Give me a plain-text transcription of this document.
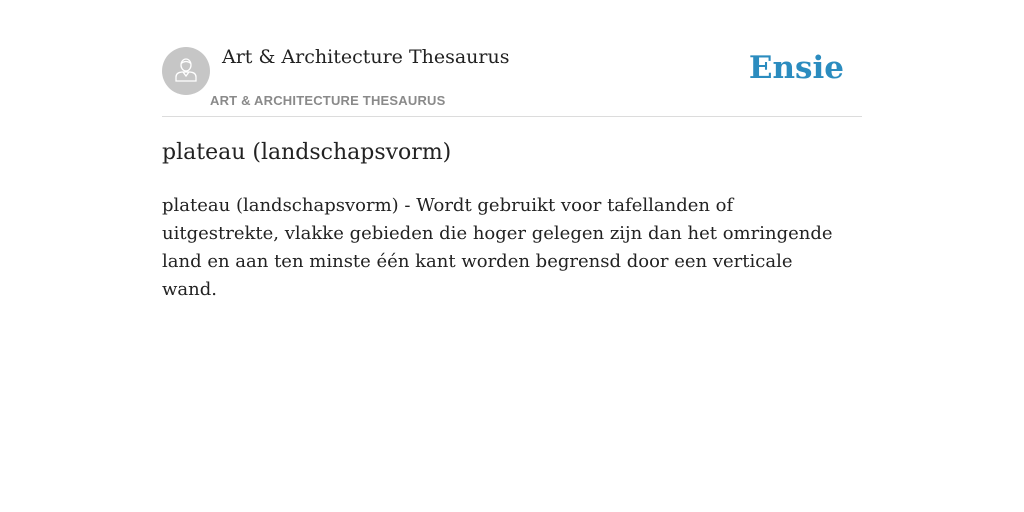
Art & Architecture Thesaurus
ART & ARCHITECTURE THESAURUS
Ensie
plateau (landschapsvorm)

plateau (landschapsvorm) - Wordt gebruikt voor tafellanden of uitgestrekte, vlakke gebieden die hoger gelegen zijn dan het omringende land en aan ten minste één kant worden begrensd door een verticale wand.
